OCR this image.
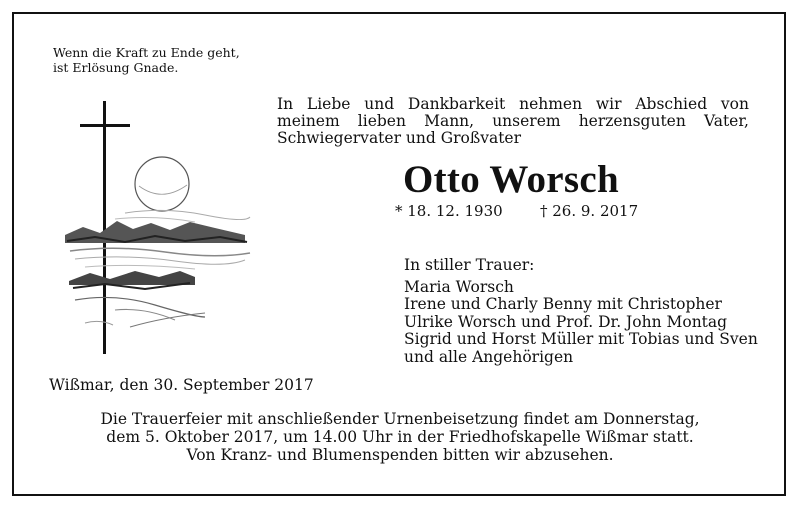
Wenn die Kraft zu Ende geht,
ist Erlösung Gnade.
In Liebe und Dankbarkeit nehmen wir Abschied von meinem lieben Mann, unserem herzensguten Vater, Schwiegervater und Großvater
Otto Worsch
* 18. 12. 1930 † 26. 9. 2017
In stiller Trauer:
Maria Worsch
Irene und Charly Benny mit Christopher
Ulrike Worsch und Prof. Dr. John Montag
Sigrid und Horst Müller mit Tobias und Sven
und alle Angehörigen
Wißmar, den 30. September 2017
Die Trauerfeier mit anschließender Urnenbeisetzung findet am Donnerstag,
dem 5. Oktober 2017, um 14.00 Uhr in der Friedhofskapelle Wißmar statt.
Von Kranz- und Blumenspenden bitten wir abzusehen.
